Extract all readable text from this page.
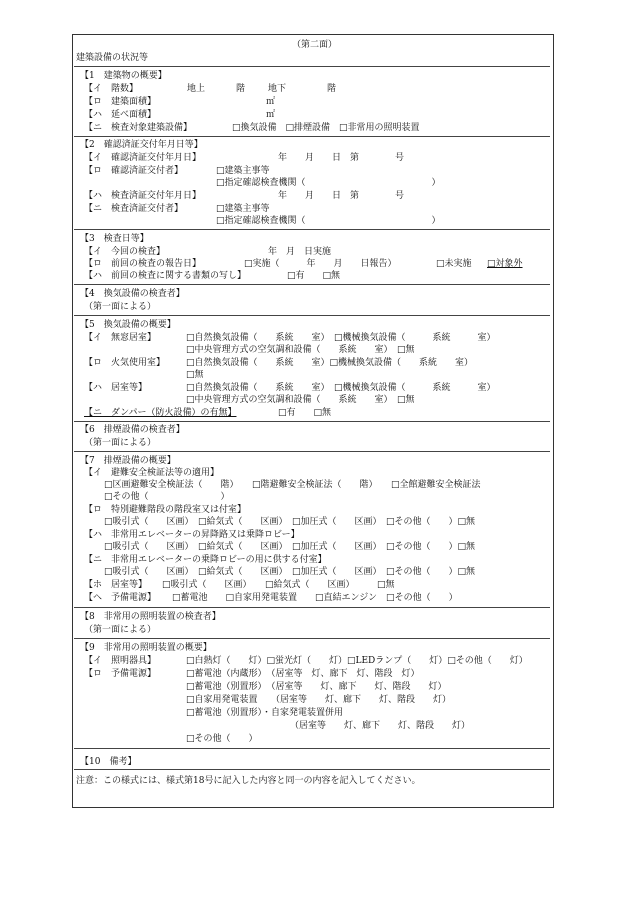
（第二面）
建築設備の状況等
【1　建築物の概要】
【イ　階数】	地上	階	地下	階
【ロ　建築面積】	㎡
【ハ　延べ面積】	㎡
【ニ　検査対象建築設備】	□換気設備　□排煙設備　□非常用の照明装置
【2　確認済証交付年月日等】
【イ　確認済証交付年月日】	年　　月　　日　第　　　　号
【ロ　確認済証交付者】	□建築主事等
□指定確認検査機関（　　　　　　　　　　　　　　）
【ハ　検査済証交付年月日】	年　　月　　日　第　　　　号
【ニ　検査済証交付者】	□建築主事等
□指定確認検査機関（　　　　　　　　　　　　　　）
【3　検査日等】
【イ　今回の検査】	年　月　日実施
【ロ　前回の検査の報告日】	□実施（　　　年　　月　　日報告）	□未実施 □対象外
【ハ　前回の検査に関する書類の写し】	□有　　□無
【4　換気設備の検査者】
（第一面による）
【5　換気設備の概要】
【イ　無窓居室】	□自然換気設備（　　系統　　室）　□機械換気設備（　　　系統　　　室）
□中央管理方式の空気調和設備（　　系統　　室）　□無
【ロ　火気使用室】 □自然換気設備（　　系統　　室）□機械換気設備（　　系統　　室）
□無
【ハ　居室等】	□自然換気設備（　　系統　　室）　□機械換気設備（　　　系統　　　室）
□中央管理方式の空気調和設備（　　系統　　室）　□無
【ニ　ダンパー（防火設備）の有無】	□有　　□無
【6　排煙設備の検査者】
（第一面による）
【7　排煙設備の概要】
【イ　避難安全検証法等の適用】
□区画避難安全検証法（　　階）　　□階避難安全検証法（　　階）　　□全館避難安全検証法
□その他（　　　　　　　　）
【ロ　特別避難階段の階段室又は付室】
□吸引式（　　区画）　□給気式（　　区画）　□加圧式（　　区画）　□その他（　　）□無
【ハ　非常用エレベーターの昇降路又は乗降ロビー】
□吸引式（　　区画）　□給気式（　　区画）　□加圧式（　　区画）　□その他（　　）□無
【ニ　非常用エレベーターの乗降ロビーの用に供する付室】
□吸引式（　　区画）　□給気式（　　区画）　□加圧式（　　区画）　□その他（　　）□無
【ホ　居室等】 □吸引式（　　区画）　　□給気式（　　区画）　　　□無
【ヘ　予備電源】 □蓄電池　　□自家用発電装置　　□直結エンジン　□その他（　　）
【8　非常用の照明装置の検査者】
（第一面による）
【9　非常用の照明装置の概要】
【イ　照明器具】	□白熱灯（　　灯）□蛍光灯（　　灯）□LEDランプ（　　灯）□その他（　　灯）
【ロ　予備電源】	□蓄電池（内蔵形）　（居室等　灯、廊下　灯、階段　灯）
□蓄電池（別置形）　（居室等　　灯、廊下　　灯、階段　　灯）
□自家用発電装置　　（居室等　　灯、廊下　　灯、階段　　灯）
□蓄電池（別置形）・自家発電装置併用
（居室等　　灯、廊下　　灯、階段　　灯）
□その他（　　）
【10　備考】
注意：この様式には、様式第18号に記入した内容と同一の内容を記入してください。
